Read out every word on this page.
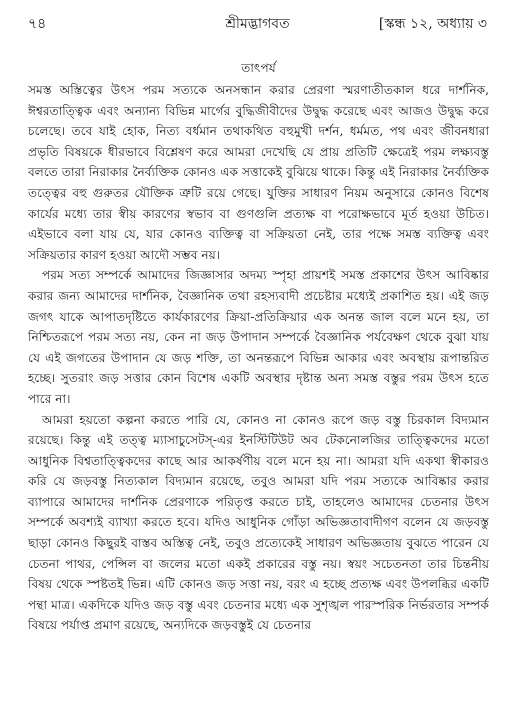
৭৪	শ্রীমদ্ভাগবত	[স্কন্ধ ১২, অধ্যায় ৩
তাৎপর্য

সমস্ত অস্তিত্বের উৎস পরম সত্যকে অনসন্ধান করার প্রেরণা স্মরণাতীতকাল ধরে দার্শনিক, ঈশ্বরতাত্ত্বিক এবং অন্যান্য বিভিন্ন মার্গের বুদ্ধিজীবীদের উদ্বুদ্ধ করেছে এবং আজও উদ্বুদ্ধ করে চলেছে। তবে যাই হোক, নিত্য বর্ধমান তথাকথিত বহুমুখী দর্শন, ধর্মমত, পথ এবং জীবনধারা প্রভৃতি বিষয়কে ধীরভাবে বিশ্লেষণ করে আমরা দেখেছি যে প্রায় প্রতিটি ক্ষেত্রেই পরম লক্ষ্যবস্তু বলতে তারা নিরাকার নৈর্ব্যক্তিক কোনও এক সত্তাকেই বুঝিয়ে থাকে। কিন্তু এই নিরাকার নৈর্ব্যক্তিক তত্ত্বের বহু গুরুতর যৌক্তিক ত্রুটি রয়ে গেছে। যুক্তির সাধারণ নিয়ম অনুসারে কোনও বিশেষ কার্যের মধ্যে তার স্বীয় কারণের স্বভাব বা গুণগুলি প্রত্যক্ষ বা পরোক্ষভাবে মূর্ত হওয়া উচিত। এইভাবে বলা যায় যে, যার কোনও ব্যক্তিত্ব বা সক্রিয়তা নেই, তার পক্ষে সমস্ত ব্যক্তিত্ব এবং সক্রিয়তার কারণ হওয়া আদৌ সম্ভব নয়।

পরম সত্য সম্পর্কে আমাদের জিজ্ঞাসার অদম্য স্পৃহা প্রায়শই সমস্ত প্রকাশের উৎস আবিষ্কার করার জন্য আমাদের দার্শনিক, বৈজ্ঞানিক তথা রহস্যবাদী প্রচেষ্টার মধ্যেই প্রকাশিত হয়। এই জড় জগৎ যাকে আপাতদৃষ্টিতে কার্যকারণের ক্রিয়া-প্রতিক্রিয়ার এক অনন্ত জাল বলে মনে হয়, তা নিশ্চিতরূপে পরম সত্য নয়, কেন না জড় উপাদান সম্পর্কে বৈজ্ঞানিক পর্যবেক্ষণ থেকে বুঝা যায় যে এই জগতের উপাদান যে জড় শক্তি, তা অনন্তরূপে বিভিন্ন আকার এবং অবস্থায় রূপান্তরিত হচ্ছে। সুতরাং জড় সত্তার কোন বিশেষ একটি অবস্থার দৃষ্টান্ত অন্য সমস্ত বস্তুর পরম উৎস হতে পারে না।

আমরা হয়তো কল্পনা করতে পারি যে, কোনও না কোনও রূপে জড় বস্তু চিরকাল বিদ্যমান রয়েছে। কিন্তু এই তত্ত্ব ম্যাসাচুসেটস্-এর ইনস্টিটিউট অব টেকনোলজির তাত্ত্বিকদের মতো আধুনিক বিশ্বতাত্ত্বিকদের কাছে আর আকর্ষণীয় বলে মনে হয় না। আমরা যদি একথা স্বীকারও করি যে জড়বস্তু নিত্যকাল বিদ্যমান রয়েছে, তবুও আমরা যদি পরম সত্যকে আবিষ্কার করার ব্যাপারে আমাদের দার্শনিক প্রেরণাকে পরিতৃপ্ত করতে চাই, তাহলেও আমাদের চেতনার উৎস সম্পর্কে অবশ্যই ব্যাখ্যা করতে হবে। যদিও আধুনিক গোঁড়া অভিজ্ঞতাবাদীগণ বলেন যে জড়বস্তু ছাড়া কোনও কিছুরই বাস্তব অস্তিত্ব নেই, তবুও প্রত্যেকেই সাধারণ অভিজ্ঞতায় বুঝতে পারেন যে চেতনা পাথর, পেন্সিল বা জলের মতো একই প্রকারের বস্তু নয়। স্বয়ং সচেতনতা তার চিন্তনীয় বিষয় থেকে স্পষ্টতই ভিন্ন। এটি কোনও জড় সত্তা নয়, বরং এ হচ্ছে প্রত্যক্ষ এবং উপলব্ধির একটি পন্থা মাত্র। একদিকে যদিও জড় বস্তু এবং চেতনার মধ্যে এক সুশৃঙ্খল পারস্পরিক নির্ভরতার সম্পর্ক বিষয়ে পর্যাপ্ত প্রমাণ রয়েছে, অন্যদিকে জড়বস্তুই যে চেতনার
